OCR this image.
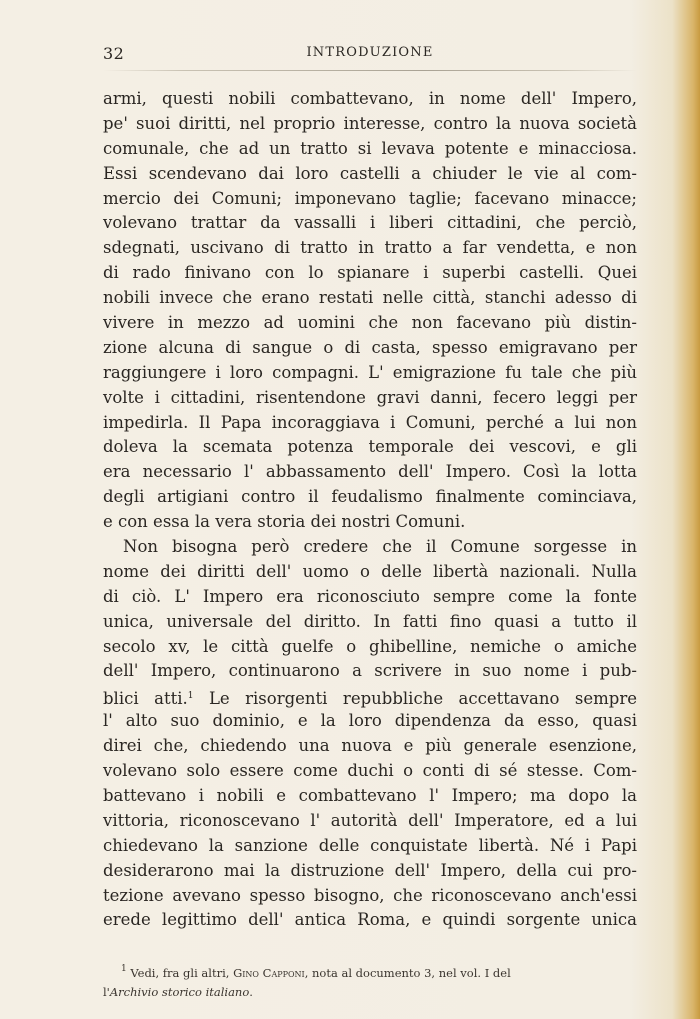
32	INTRODUZIONE
armi, questi nobili combattevano, in nome dell' Impero,
pe' suoi diritti, nel proprio interesse, contro la nuova società
comunale, che ad un tratto si levava potente e minacciosa.
Essi scendevano dai loro castelli a chiuder le vie al com-
mercio dei Comuni; imponevano taglie; facevano minacce;
volevano trattar da vassalli i liberi cittadini, che perciò,
sdegnati, uscivano di tratto in tratto a far vendetta, e non
di rado finivano con lo spianare i superbi castelli. Quei
nobili invece che erano restati nelle città, stanchi adesso di
vivere in mezzo ad uomini che non facevano più distin-
zione alcuna di sangue o di casta, spesso emigravano per
raggiungere i loro compagni. L' emigrazione fu tale che più
volte i cittadini, risentendone gravi danni, fecero leggi per
impedirla. Il Papa incoraggiava i Comuni, perché a lui non
doleva la scemata potenza temporale dei vescovi, e gli
era necessario l' abbassamento dell' Impero. Così la lotta
degli artigiani contro il feudalismo finalmente cominciava,
e con essa la vera storia dei nostri Comuni.
Non bisogna però credere che il Comune sorgesse in
nome dei diritti dell' uomo o delle libertà nazionali. Nulla
di ciò. L' Impero era riconosciuto sempre come la fonte
unica, universale del diritto. In fatti fino quasi a tutto il
secolo xv, le città guelfe o ghibelline, nemiche o amiche
dell' Impero, continuarono a scrivere in suo nome i pub-
blici atti.$^1$ Le risorgenti repubbliche accettavano sempre
l' alto suo dominio, e la loro dipendenza da esso, quasi
direi che, chiedendo una nuova e più generale esenzione,
volevano solo essere come duchi o conti di sé stesse. Com-
battevano i nobili e combattevano l' Impero; ma dopo la
vittoria, riconoscevano l' autorità dell' Imperatore, ed a lui
chiedevano la sanzione delle conquistate libertà. Né i Papi
desiderarono mai la distruzione dell' Impero, della cui pro-
tezione avevano spesso bisogno, che riconoscevano anch'essi
erede legittimo dell' antica Roma, e quindi sorgente unica
$^1$ Vedi, fra gli altri, Gino Capponi, nota al documento 3, nel vol. I del
l'Archivio storico italiano.
